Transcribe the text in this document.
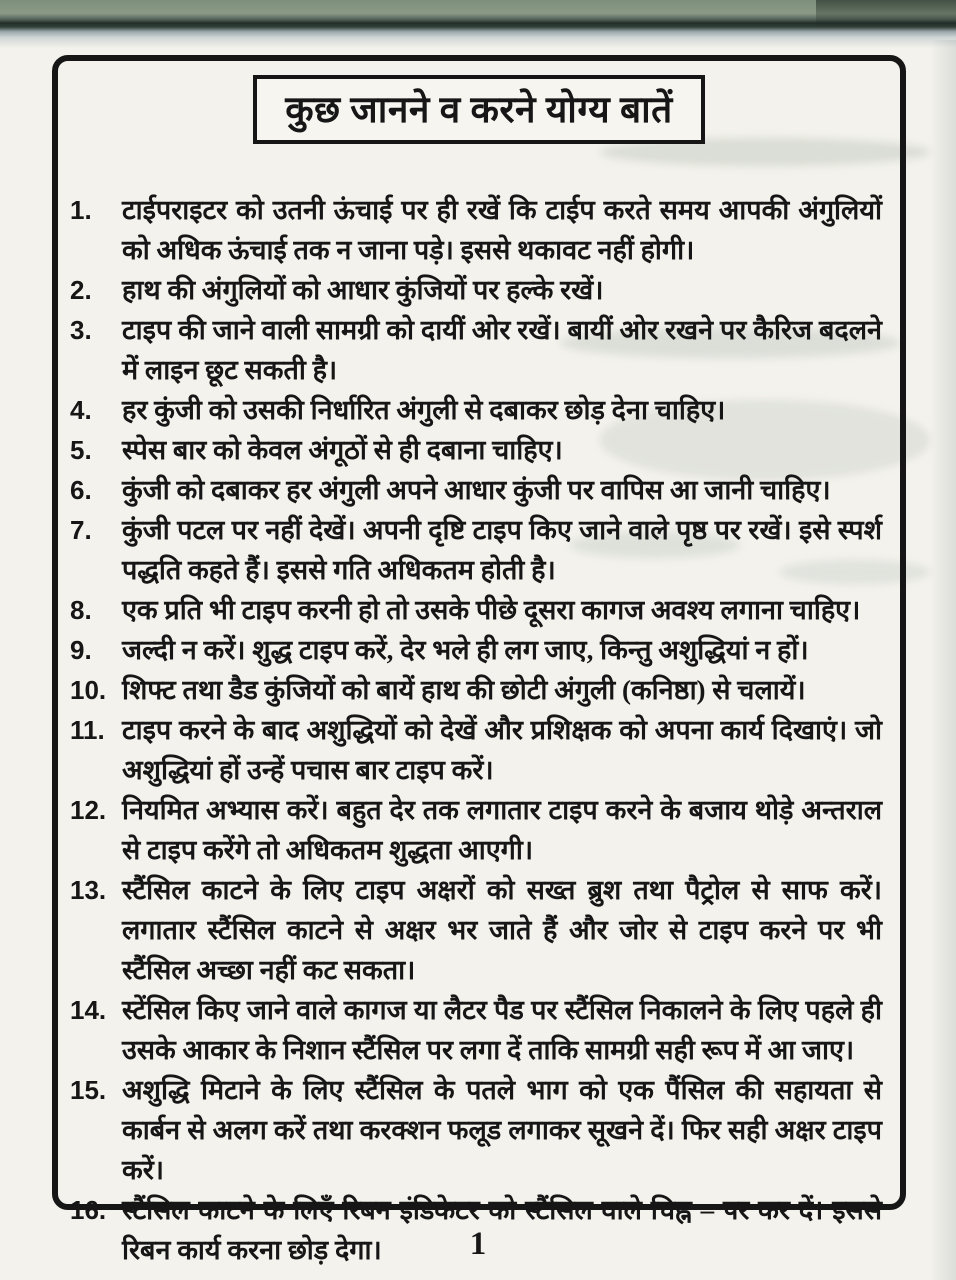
कुछ जानने व करने योग्य बातें
1.	टाईपराइटर को उतनी ऊंचाई पर ही रखें कि टाईप करते समय आपकी अंगुलियों को अधिक ऊंचाई तक न जाना पड़े। इससे थकावट नहीं होगी।
2.	हाथ की अंगुलियों को आधार कुंजियों पर हल्के रखें।
3.	टाइप की जाने वाली सामग्री को दायीं ओर रखें। बायीं ओर रखने पर कैरिज बदलने में लाइन छूट सकती है।
4.	हर कुंजी को उसकी निर्धारित अंगुली से दबाकर छोड़ देना चाहिए।
5.	स्पेस बार को केवल अंगूठों से ही दबाना चाहिए।
6.	कुंजी को दबाकर हर अंगुली अपने आधार कुंजी पर वापिस आ जानी चाहिए।
7.	कुंजी पटल पर नहीं देखें। अपनी दृष्टि टाइप किए जाने वाले पृष्ठ पर रखें। इसे स्पर्श पद्धति कहते हैं। इससे गति अधिकतम होती है।
8.	एक प्रति भी टाइप करनी हो तो उसके पीछे दूसरा कागज अवश्य लगाना चाहिए।
9.	जल्दी न करें। शुद्ध टाइप करें, देर भले ही लग जाए, किन्तु अशुद्धियां न हों।
10. शिफ्ट तथा डैड कुंजियों को बायें हाथ की छोटी अंगुली (कनिष्ठा) से चलायें।
11. टाइप करने के बाद अशुद्धियों को देखें और प्रशिक्षक को अपना कार्य दिखाएं। जो अशुद्धियां हों उन्हें पचास बार टाइप करें।
12. नियमित अभ्यास करें। बहुत देर तक लगातार टाइप करने के बजाय थोड़े अन्तराल से टाइप करेंगे तो अधिकतम शुद्धता आएगी।
13. स्टैंसिल काटने के लिए टाइप अक्षरों को सख्त ब्रुश तथा पैट्रोल से साफ करें। लगातार स्टैंसिल काटने से अक्षर भर जाते हैं और जोर से टाइप करने पर भी स्टैंसिल अच्छा नहीं कट सकता।
14. स्टेंसिल किए जाने वाले कागज या लैटर पैड पर स्टैंसिल निकालने के लिए पहले ही उसके आकार के निशान स्टैंसिल पर लगा दें ताकि सामग्री सही रूप में आ जाए।
15. अशुद्धि मिटाने के लिए स्टैंसिल के पतले भाग को एक पैंसिल की सहायता से कार्बन से अलग करें तथा करक्शन फलूड लगाकर सूखने दें। फिर सही अक्षर टाइप करें।
16. स्टैंसिल काटने के लिएँ रिबन इंडिकेटर को स्टैंसिल वाले चिह्न – पर कर दें। इससे रिबन कार्य करना छोड़ देगा।	1
